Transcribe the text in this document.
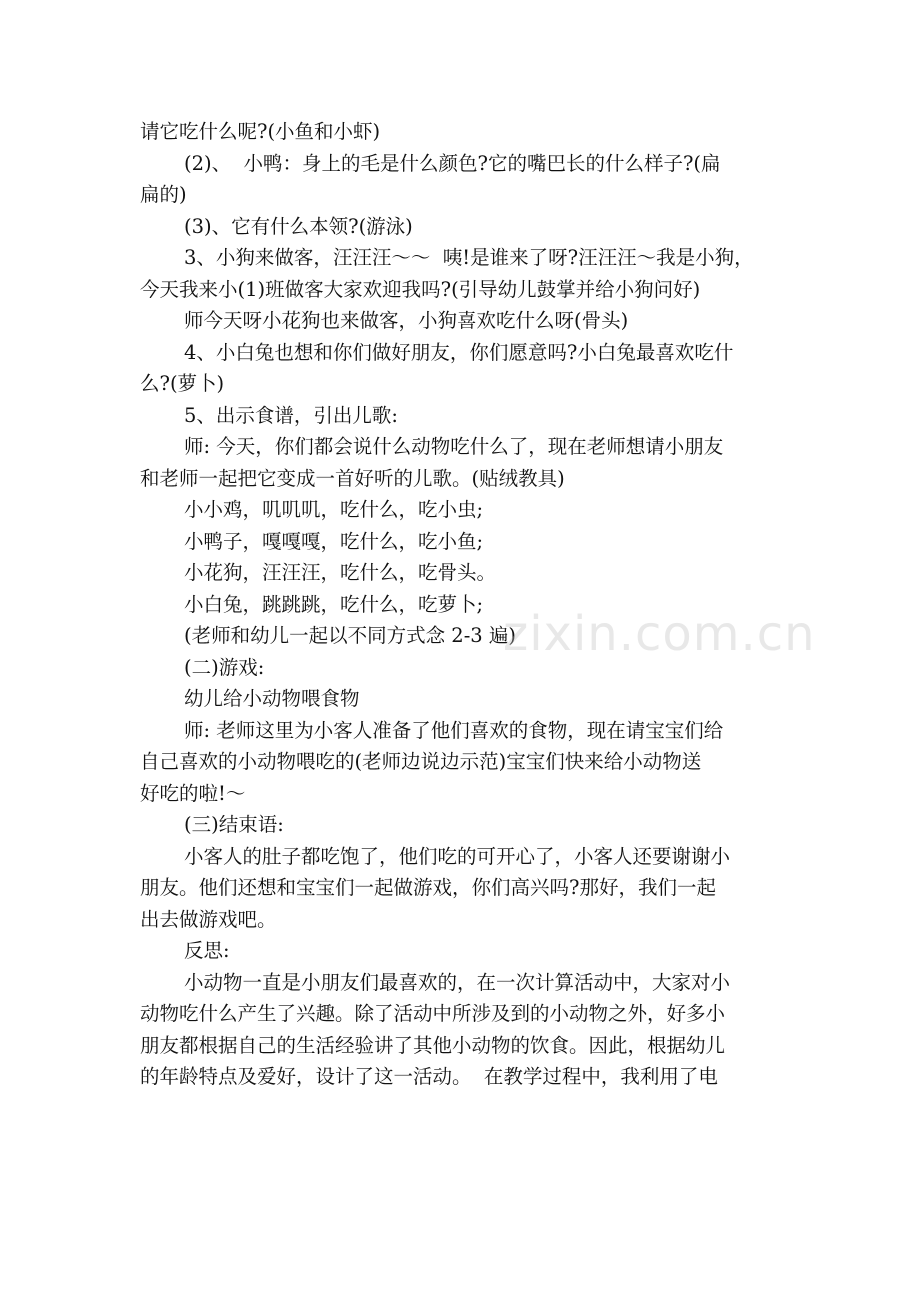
请它吃什么呢?(小鱼和小虾)
(2)、  小鸭：身上的毛是什么颜色?它的嘴巴长的什么样子?(扁
扁的)
(3)、它有什么本领?(游泳)
3、小狗来做客，汪汪汪～～  咦!是谁来了呀?汪汪汪～我是小狗，
今天我来小(1)班做客大家欢迎我吗?(引导幼儿鼓掌并给小狗问好)
师今天呀小花狗也来做客，小狗喜欢吃什么呀(骨头)
4、小白兔也想和你们做好朋友，你们愿意吗?小白兔最喜欢吃什
么?(萝卜)
5、出示食谱，引出儿歌:
师: 今天，你们都会说什么动物吃什么了，现在老师想请小朋友
和老师一起把它变成一首好听的儿歌。(贴绒教具)
小小鸡，叽叽叽，吃什么，吃小虫;
小鸭子，嘎嘎嘎，吃什么，吃小鱼;
小花狗，汪汪汪，吃什么，吃骨头。
小白兔，跳跳跳，吃什么，吃萝卜;
(老师和幼儿一起以不同方式念 2-3 遍)
(二)游戏:
幼儿给小动物喂食物
师: 老师这里为小客人准备了他们喜欢的食物，现在请宝宝们给
自己喜欢的小动物喂吃的(老师边说边示范)宝宝们快来给小动物送
好吃的啦!～
(三)结束语:
小客人的肚子都吃饱了，他们吃的可开心了，小客人还要谢谢小
朋友。他们还想和宝宝们一起做游戏，你们高兴吗?那好，我们一起
出去做游戏吧。
反思:
小动物一直是小朋友们最喜欢的，在一次计算活动中，大家对小
动物吃什么产生了兴趣。除了活动中所涉及到的小动物之外，好多小
朋友都根据自己的生活经验讲了其他小动物的饮食。因此，根据幼儿
的年龄特点及爱好，设计了这一活动。  在教学过程中，我利用了电
zixin.com.cn
